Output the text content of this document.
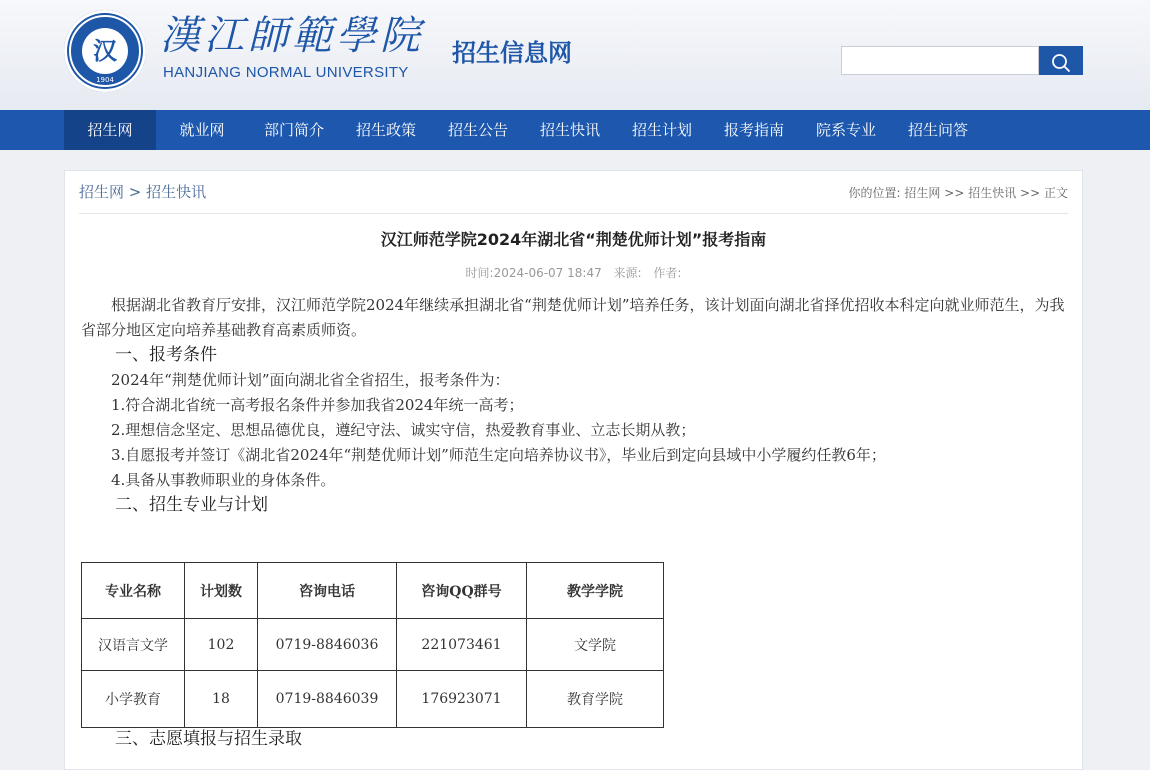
汉
1904
漢江師範學院
HANJIANG NORMAL UNIVERSITY
招生信息网
招生网	就业网	部门简介	招生政策	招生公告	招生快讯	招生计划	报考指南	院系专业	招生问答
招生网 > 招生快讯	你的位置: 招生网 >> 招生快讯 >> 正文
汉江师范学院2024年湖北省“荆楚优师计划”报考指南
时间:2024-06-07 18:47 来源: 作者:

根据湖北省教育厅安排，汉江师范学院2024年继续承担湖北省“荆楚优师计划”培养任务，该计划面向湖北省择优招收本科定向就业师范生，为我省部分地区定向培养基础教育高素质师资。

一、报考条件

2024年“荆楚优师计划”面向湖北省全省招生，报考条件为：

1.符合湖北省统一高考报名条件并参加我省2024年统一高考；

2.理想信念坚定、思想品德优良，遵纪守法、诚实守信，热爱教育事业、立志长期从教；

3.自愿报考并签订《湖北省2024年“荆楚优师计划”师范生定向培养协议书》，毕业后到定向县域中小学履约任教6年；

4.具备从事教师职业的身体条件。

二、招生专业与计划

专业名称	计划数	咨询电话	咨询QQ群号	教学学院
汉语言文学	102	0719-8846036	221073461	文学院
小学教育	18	0719-8846039	176923071	教育学院
三、志愿填报与招生录取
